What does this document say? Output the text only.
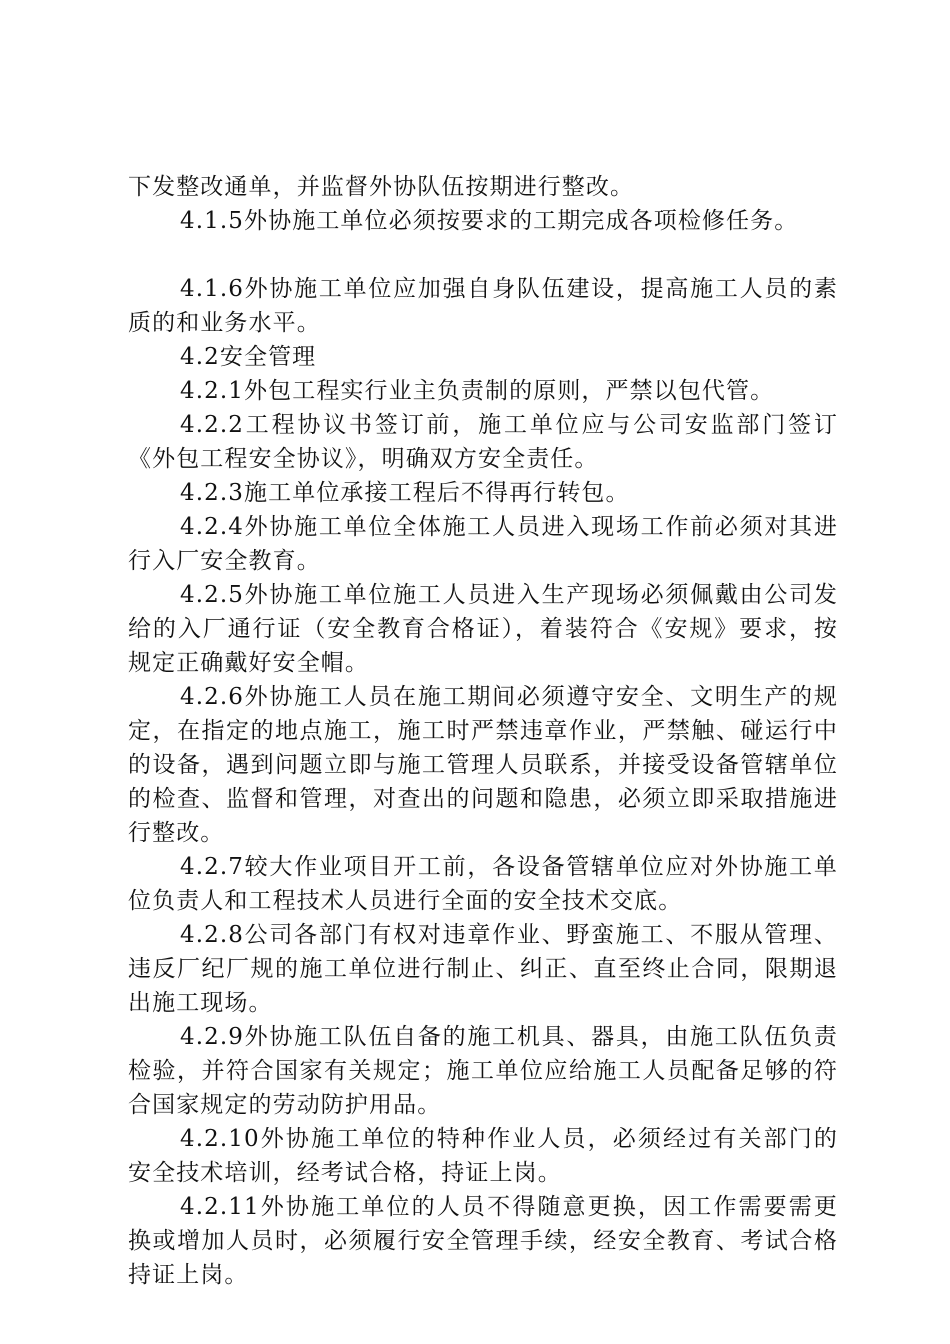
下发整改通单，并监督外协队伍按期进行整改。

4.1.5外协施工单位必须按要求的工期完成各项检修任务。

4.1.6外协施工单位应加强自身队伍建设，提高施工人员的素质的和业务水平。

4.2安全管理

4.2.1外包工程实行业主负责制的原则，严禁以包代管。

4.2.2工程协议书签订前，施工单位应与公司安监部门签订《外包工程安全协议》，明确双方安全责任。

4.2.3施工单位承接工程后不得再行转包。

4.2.4外协施工单位全体施工人员进入现场工作前必须对其进行入厂安全教育。

4.2.5外协施工单位施工人员进入生产现场必须佩戴由公司发给的入厂通行证（安全教育合格证），着装符合《安规》要求，按规定正确戴好安全帽。

4.2.6外协施工人员在施工期间必须遵守安全、文明生产的规定，在指定的地点施工，施工时严禁违章作业，严禁触、碰运行中的设备，遇到问题立即与施工管理人员联系，并接受设备管辖单位的检查、监督和管理，对查出的问题和隐患，必须立即采取措施进行整改。

4.2.7较大作业项目开工前，各设备管辖单位应对外协施工单位负责人和工程技术人员进行全面的安全技术交底。

4.2.8公司各部门有权对违章作业、野蛮施工、不服从管理、违反厂纪厂规的施工单位进行制止、纠正、直至终止合同，限期退出施工现场。

4.2.9外协施工队伍自备的施工机具、器具，由施工队伍负责检验，并符合国家有关规定；施工单位应给施工人员配备足够的符合国家规定的劳动防护用品。

4.2.10外协施工单位的特种作业人员，必须经过有关部门的安全技术培训，经考试合格，持证上岗。

4.2.11外协施工单位的人员不得随意更换，因工作需要需更换或增加人员时，必须履行安全管理手续，经安全教育、考试合格持证上岗。
